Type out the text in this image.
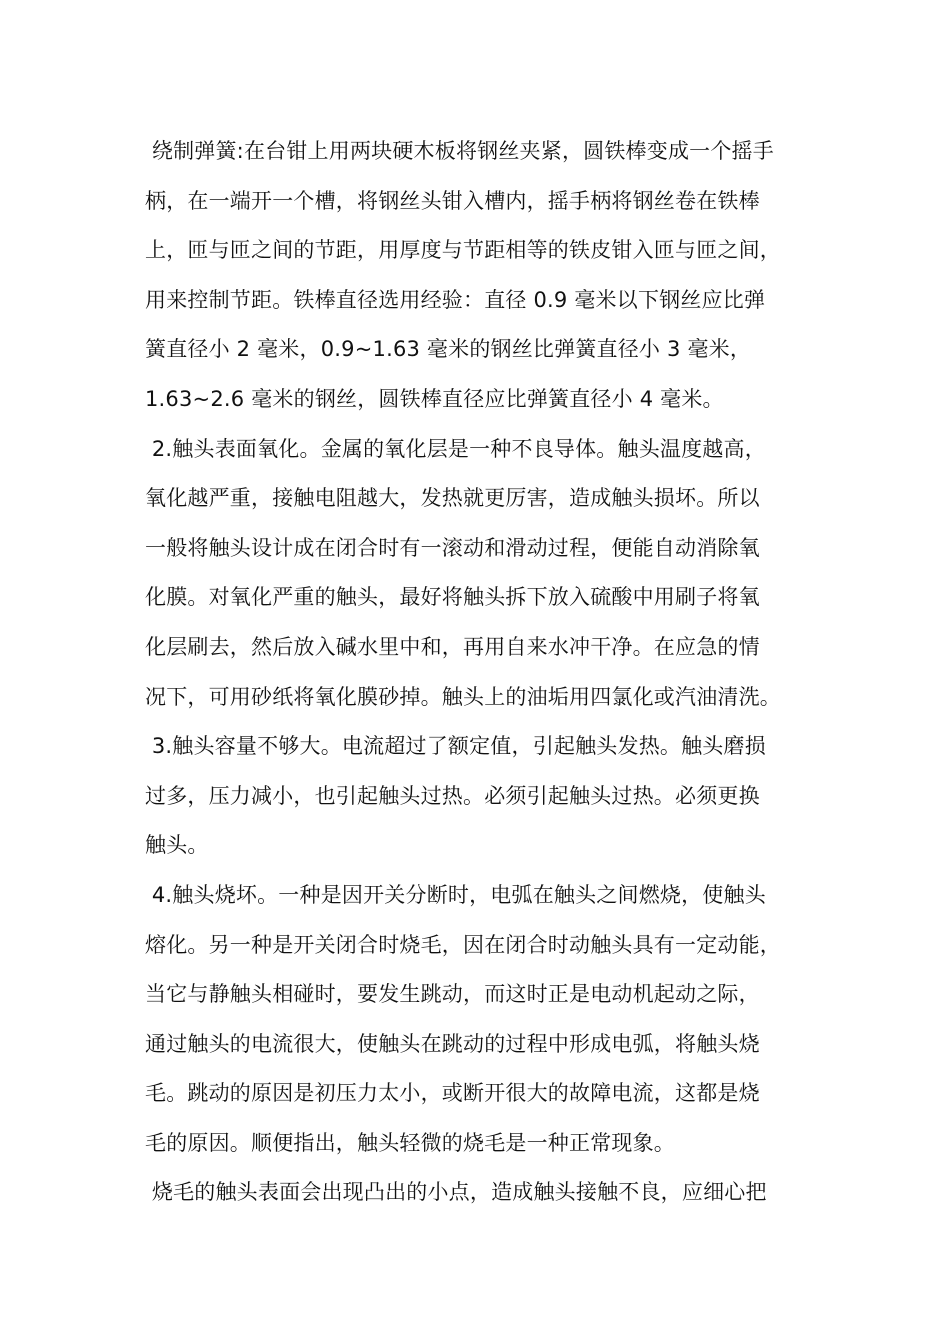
绕制弹簧:在台钳上用两块硬木板将钢丝夹紧，圆铁棒变成一个摇手
柄，在一端开一个槽，将钢丝头钳入槽内，摇手柄将钢丝卷在铁棒
上，匝与匝之间的节距，用厚度与节距相等的铁皮钳入匝与匝之间，
用来控制节距。铁棒直径选用经验：直径 0.9 毫米以下钢丝应比弹
簧直径小 2 毫米，0.9~1.63 毫米的钢丝比弹簧直径小 3 毫米，
1.63~2.6 毫米的钢丝，圆铁棒直径应比弹簧直径小 4 毫米。
2.触头表面氧化。金属的氧化层是一种不良导体。触头温度越高，
氧化越严重，接触电阻越大，发热就更厉害，造成触头损坏。所以
一般将触头设计成在闭合时有一滚动和滑动过程，便能自动消除氧
化膜。对氧化严重的触头，最好将触头拆下放入硫酸中用刷子将氧
化层刷去，然后放入碱水里中和，再用自来水冲干净。在应急的情
况下，可用砂纸将氧化膜砂掉。触头上的油垢用四氯化或汽油清洗。
3.触头容量不够大。电流超过了额定值，引起触头发热。触头磨损
过多，压力减小，也引起触头过热。必须引起触头过热。必须更换
触头。
4.触头烧坏。一种是因开关分断时，电弧在触头之间燃烧，使触头
熔化。另一种是开关闭合时烧毛，因在闭合时动触头具有一定动能，
当它与静触头相碰时，要发生跳动，而这时正是电动机起动之际，
通过触头的电流很大，使触头在跳动的过程中形成电弧，将触头烧
毛。跳动的原因是初压力太小，或断开很大的故障电流，这都是烧
毛的原因。顺便指出，触头轻微的烧毛是一种正常现象。
烧毛的触头表面会出现凸出的小点，造成触头接触不良，应细心把
